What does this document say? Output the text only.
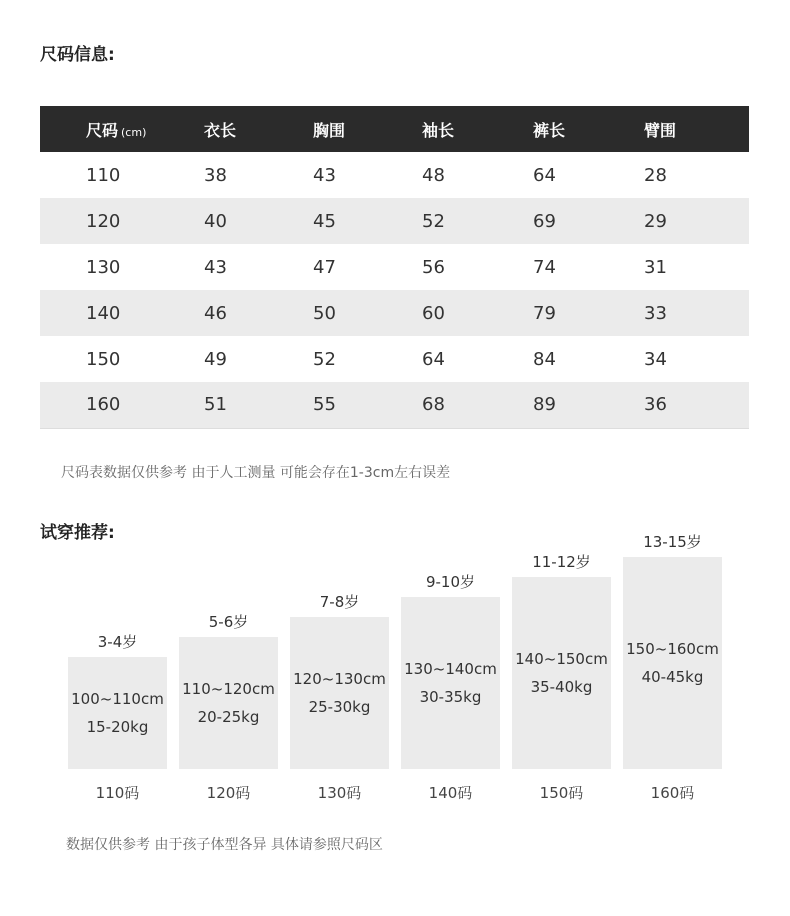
尺码信息:
尺码 (cm)	衣长	胸围	袖长	裤长	臂围
110	38	43	48	64	28
120	40	45	52	69	29
130	43	47	56	74	31
140	46	50	60	79	33
150	49	52	64	84	34
160	51	55	68	89	36

尺码表数据仅供参考 由于人工测量 可能会存在1-3cm左右误差

试穿推荐:
3-4岁
100~110cm
15-20kg
110码
5-6岁
110~120cm
20-25kg
120码
7-8岁
120~130cm
25-30kg
130码
9-10岁
130~140cm
30-35kg
140码
11-12岁
140~150cm
35-40kg
150码
13-15岁
150~160cm
40-45kg
160码

数据仅供参考 由于孩子体型各异 具体请参照尺码区
